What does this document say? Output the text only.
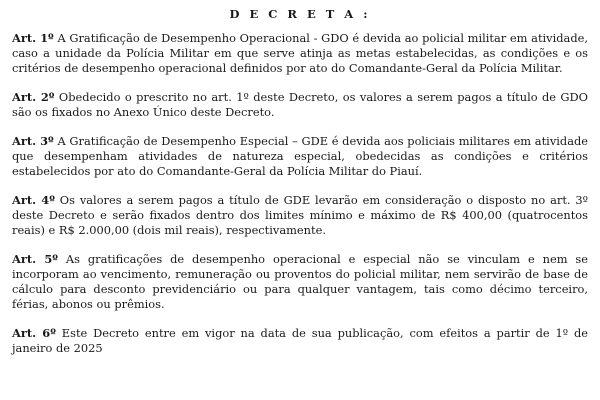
D E C R E T A :

Art. 1º A Gratificação de Desempenho Operacional - GDO é devida ao policial militar em atividade, caso a unidade da Polícia Militar em que serve atinja as metas estabelecidas, as condições e os critérios de desempenho operacional definidos por ato do Comandante-Geral da Polícia Militar.

Art. 2º Obedecido o prescrito no art. 1º deste Decreto, os valores a serem pagos a título de GDO são os fixados no Anexo Único deste Decreto.

Art. 3º A Gratificação de Desempenho Especial – GDE é devida aos policiais militares em atividade que desempenham atividades de natureza especial, obedecidas as condições e critérios estabelecidos por ato do Comandante-Geral da Polícia Militar do Piauí.

Art. 4º Os valores a serem pagos a título de GDE levarão em consideração o disposto no art. 3º deste Decreto e serão fixados dentro dos limites mínimo e máximo de R$ 400,00 (quatrocentos reais) e R$ 2.000,00 (dois mil reais), respectivamente.

Art. 5º As gratificações de desempenho operacional e especial não se vinculam e nem se incorporam ao vencimento, remuneração ou proventos do policial militar, nem servirão de base de cálculo para desconto previdenciário ou para qualquer vantagem, tais como décimo terceiro, férias, abonos ou prêmios.

Art. 6º Este Decreto entre em vigor na data de sua publicação, com efeitos a partir de 1º de janeiro de 2025
